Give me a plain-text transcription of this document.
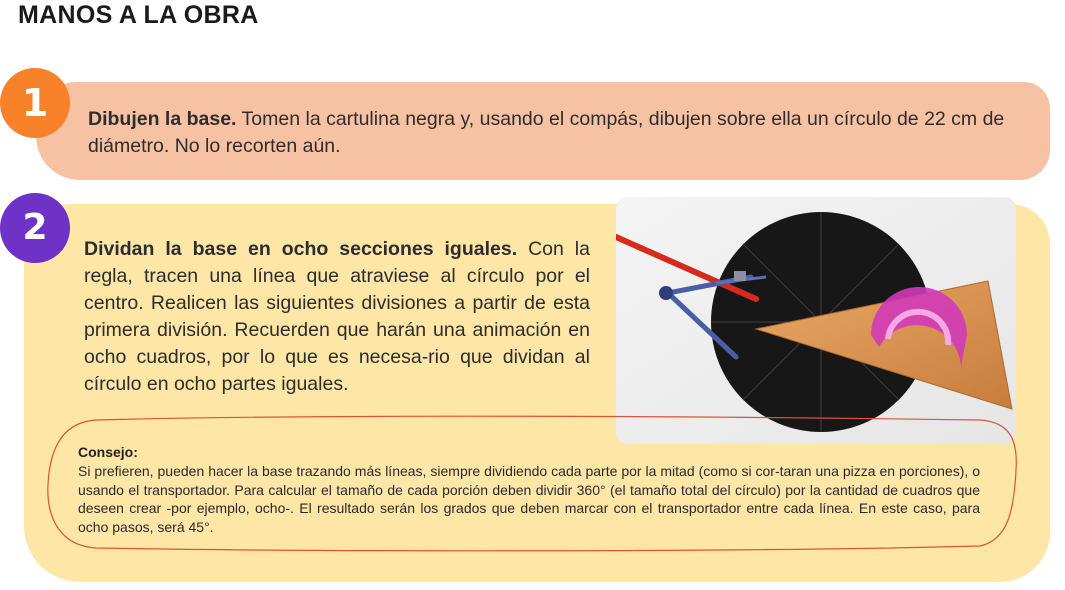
MANOS A LA OBRA
1	Dibujen la base. Tomen la cartulina negra y, usando el compás, dibujen sobre ella un círculo de 22 cm de diámetro. No lo recorten aún.
2
Dividan la base en ocho secciones iguales. Con la regla, tracen una línea que atraviese al círculo por el centro. Realicen las siguientes divisiones a partir de esta primera división. Recuerden que harán una animación en ocho cuadros, por lo que es necesa-rio que dividan al círculo en ocho partes iguales.
Consejo:
Si prefieren, pueden hacer la base trazando más líneas, siempre dividiendo cada parte por la mitad (como si cor-taran una pizza en porciones), o usando el transportador. Para calcular el tamaño de cada porción deben dividir 360° (el tamaño total del círculo) por la cantidad de cuadros que deseen crear -por ejemplo, ocho-. El resultado serán los grados que deben marcar con el transportador entre cada línea. En este caso, para ocho pasos, será 45°.
